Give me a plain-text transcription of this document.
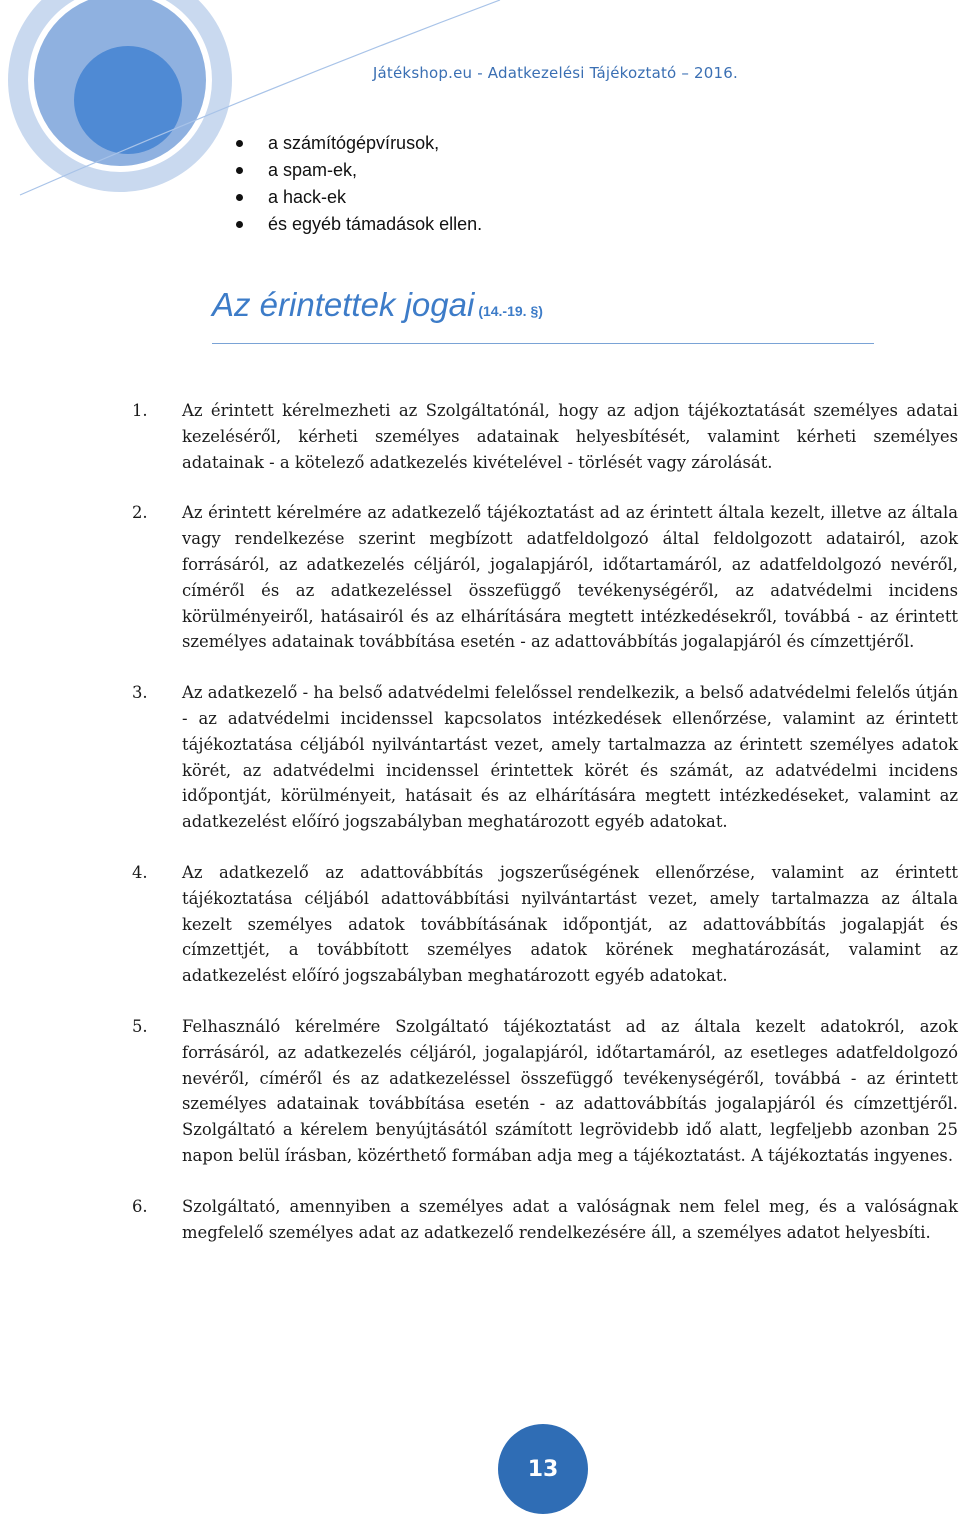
Játékshop.eu - Adatkezelési Tájékoztató – 2016.

a számítógépvírusok,
a spam-ek,
a hack-ek
és egyéb támadások ellen.
Az érintettek jogai (14.-19. §)
1. Az érintett kérelmezheti az Szolgáltatónál, hogy az adjon tájékoztatását személyes adatai kezeléséről, kérheti személyes adatainak helyesbítését, valamint kérheti személyes adatainak - a kötelező adatkezelés kivételével - törlését vagy zárolását.
2. Az érintett kérelmére az adatkezelő tájékoztatást ad az érintett általa kezelt, illetve az általa vagy rendelkezése szerint megbízott adatfeldolgozó által feldolgozott adatairól, azok forrásáról, az adatkezelés céljáról, jogalapjáról, időtartamáról, az adatfeldolgozó nevéről, címéről és az adatkezeléssel összefüggő tevékenységéről, az adatvédelmi incidens körülményeiről, hatásairól és az elhárítására megtett intézkedésekről, továbbá - az érintett személyes adatainak továbbítása esetén - az adattovábbítás jogalapjáról és címzettjéről.
3. Az adatkezelő - ha belső adatvédelmi felelőssel rendelkezik, a belső adatvédelmi felelős útján - az adatvédelmi incidenssel kapcsolatos intézkedések ellenőrzése, valamint az érintett tájékoztatása céljából nyilvántartást vezet, amely tartalmazza az érintett személyes adatok körét, az adatvédelmi incidenssel érintettek körét és számát, az adatvédelmi incidens időpontját, körülményeit, hatásait és az elhárítására megtett intézkedéseket, valamint az adatkezelést előíró jogszabályban meghatározott egyéb adatokat.
4. Az adatkezelő az adattovábbítás jogszerűségének ellenőrzése, valamint az érintett tájékoztatása céljából adattovábbítási nyilvántartást vezet, amely tartalmazza az általa kezelt személyes adatok továbbításának időpontját, az adattovábbítás jogalapját és címzettjét, a továbbított személyes adatok körének meghatározását, valamint az adatkezelést előíró jogszabályban meghatározott egyéb adatokat.
5. Felhasználó kérelmére Szolgáltató tájékoztatást ad az általa kezelt adatokról, azok forrásáról, az adatkezelés céljáról, jogalapjáról, időtartamáról, az esetleges adatfeldolgozó nevéről, címéről és az adatkezeléssel összefüggő tevékenységéről, továbbá - az érintett személyes adatainak továbbítása esetén - az adattovábbítás jogalapjáról és címzettjéről. Szolgáltató a kérelem benyújtásától számított legrövidebb idő alatt, legfeljebb azonban 25 napon belül írásban, közérthető formában adja meg a tájékoztatást. A tájékoztatás ingyenes.
6. Szolgáltató, amennyiben a személyes adat a valóságnak nem felel meg, és a valóságnak megfelelő személyes adat az adatkezelő rendelkezésére áll, a személyes adatot helyesbíti.
13
